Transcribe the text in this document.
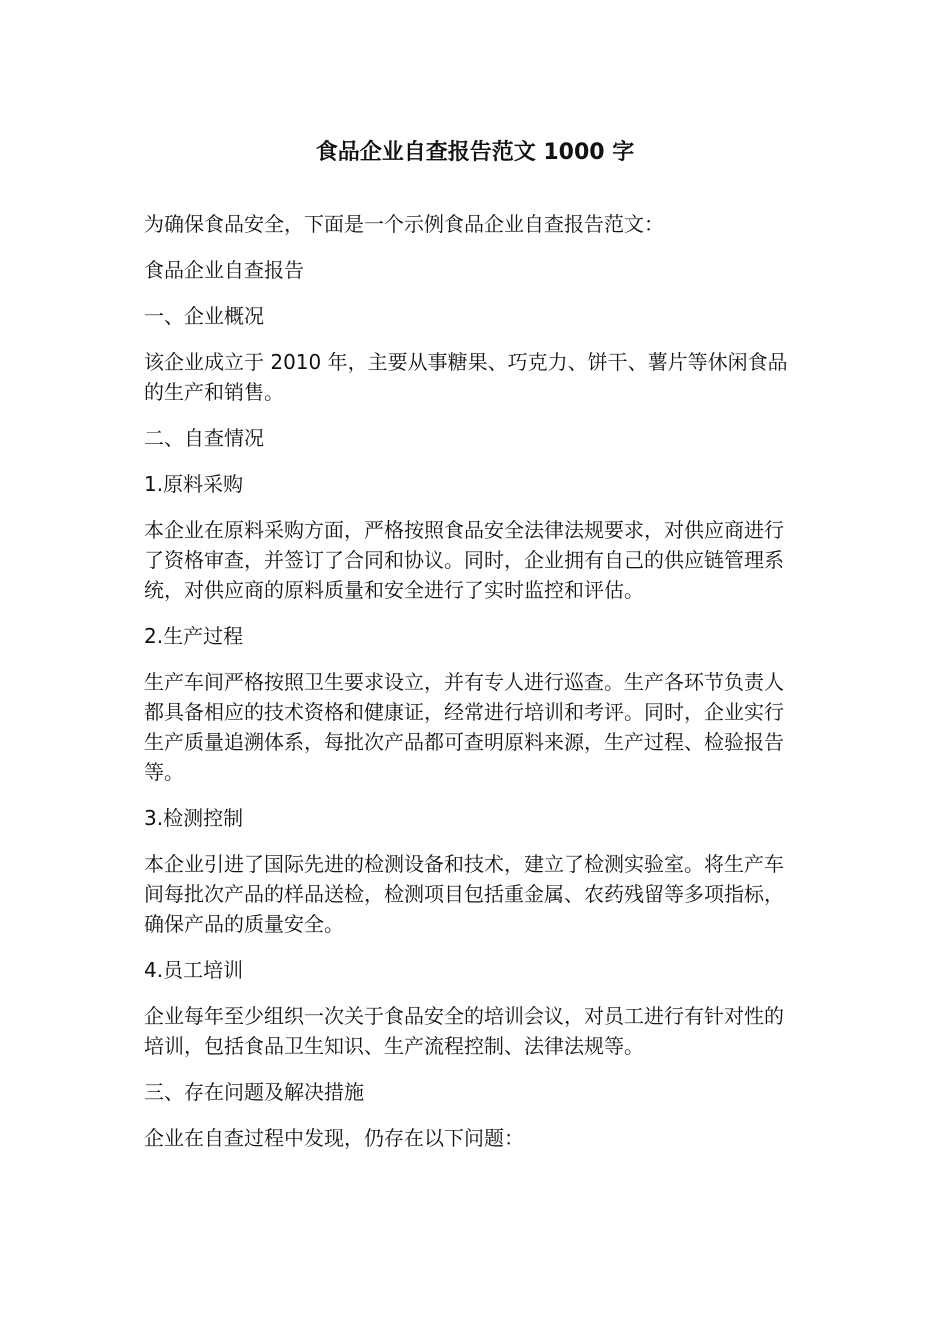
食品企业自查报告范文 1000 字

为确保食品安全，下面是一个示例食品企业自查报告范文：

食品企业自查报告

一、企业概况

该企业成立于 2010 年，主要从事糖果、巧克力、饼干、薯片等休闲食品的生产和销售。

二、自查情况

1.原料采购

本企业在原料采购方面，严格按照食品安全法律法规要求，对供应商进行了资格审查，并签订了合同和协议。同时，企业拥有自己的供应链管理系统，对供应商的原料质量和安全进行了实时监控和评估。

2.生产过程

生产车间严格按照卫生要求设立，并有专人进行巡查。生产各环节负责人都具备相应的技术资格和健康证，经常进行培训和考评。同时，企业实行生产质量追溯体系，每批次产品都可查明原料来源，生产过程、检验报告等。

3.检测控制

本企业引进了国际先进的检测设备和技术，建立了检测实验室。将生产车间每批次产品的样品送检，检测项目包括重金属、农药残留等多项指标，确保产品的质量安全。

4.员工培训

企业每年至少组织一次关于食品安全的培训会议，对员工进行有针对性的培训，包括食品卫生知识、生产流程控制、法律法规等。

三、存在问题及解决措施

企业在自查过程中发现，仍存在以下问题：
